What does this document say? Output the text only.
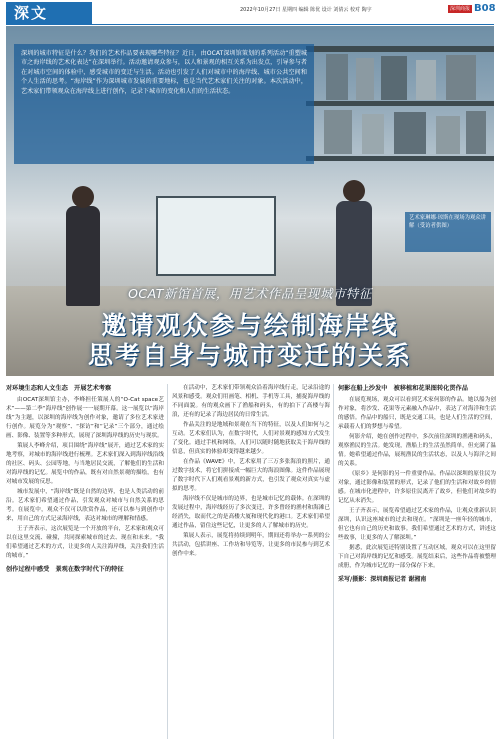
深文	2022年10月27日 星期四 编辑 陈优 设计 刘倩云 校对 陶宇	深圳商报 B08
深圳的城市特征是什么？我们的艺术作品要表现哪些特征？近日，由OCAT深圳馆策划的系列活动“重塑城市之海岸线的艺术化表达”在深圳举行。活动邀请观众参与，以人和景观的相互关系为出发点，引导参与者在对城市空间的体验中，感受城市的变迁与生活。活动也引发了人们对城市中的海岸线、城市公共空间和个人生活的思考。“海岸线”作为深圳城市发展的重要地标，也是当代艺术家们关注的对象。本次活动中，艺术家们带领观众在海岸线上进行创作，记录下城市的变化和人们的生活状态。
艺术家琳娜·琼斯在现场为观众讲解（受访者供图）
OCAT新馆首展，用艺术作品呈现城市特征
邀请观众参与绘制海岸线
思考自身与城市变迁的关系
对环境生态和人文生态　开展艺术考察

由OCAT深圳馆主办，李峰担任策展人的“O-Cat space艺术”——第二季“海岸线”创作展一一展期开幕。这一展览以“海岸线”为主题，以深圳的海岸线为创作对象，邀请了多位艺术家进行创作。展览分为“观察”、“探访”和“记录”三个部分，通过绘画、影像、装置等多种形式，展现了深圳海岸线的历史与现状。

策展人李峰介绍，项目围绕“海岸线”展开，通过艺术家的实地考察，对城市的海岸线进行梳理。艺术家们深入到海岸线沿线的社区、码头、公园等地，与当地居民交流，了解他们的生活和对海岸线的记忆。展览中的作品，既有对自然景观的描绘，也有对城市发展的反思。

城市发展中，“海岸线”既是自然的边界，也是人类活动的前沿。艺术家们希望通过作品，引发观众对城市与自然关系的思考。在展览中，观众不仅可以欣赏作品，还可以参与到创作中来，用自己的方式记录海岸线，表达对城市的理解和情感。

王子齐表示，这次展览是一个开放的平台，艺术家和观众可以在这里交流、碰撞，共同探索城市的过去、现在和未来。“我们希望通过艺术的方式，让更多的人关注海岸线，关注我们生活的城市。”

创作过程中感受　景观在数字时代下的特征

在活动中，艺术家们带领观众沿着海岸线行走，记录沿途的风景和感受。观众们用画笔、相机、手机等工具，捕捉海岸线的不同面貌。有的观众画下了渔船和码头，有的拍下了高楼与海浪，还有的记录了海边居民的日常生活。

作品关注的是地域和景观在当下的特征，以及人们如何与之互动。艺术家们认为，在数字时代，人们对景观的感知方式发生了变化。通过手机和网络，人们可以随时随地获取关于海岸线的信息，但真实的体验却变得越来越少。

在作品《WAVE》中，艺术家用了三万多张海浪的照片，通过数字技术，将它们拼接成一幅巨大的海浪图像。这件作品展现了数字时代下人们观看景观的新方式，也引发了观众对真实与虚拟的思考。

海岸线不仅是城市的边界，也是城市记忆的载体。在深圳的发展过程中，海岸线经历了多次变迁，许多曾经的渔村和海滩已经消失，取而代之的是高楼大厦和现代化的港口。艺术家们希望通过作品，留住这些记忆，让更多的人了解城市的历史。

策展人表示，展览将持续到明年，期间还将举办一系列的公共活动，包括讲座、工作坊和导览等，让更多的市民参与到艺术创作中来。

何影在船上沙发中　被移植和花果图转化贯作品

在展览现场，观众可以看到艺术家何影的作品。她以船为创作对象，将沙发、花果等元素融入作品中，表达了对海洋和生活的感悟。作品中的船只，既是交通工具，也是人们生活的空间，承载着人们的梦想与希望。

何影介绍，她在创作过程中，多次前往深圳的渔港和码头，观察渔民的生活。她发现，渔船上的生活虽然简单，但充满了温情。她希望通过作品，展现渔民的生活状态，以及人与海洋之间的关系。

《原乡》是何影的另一件重要作品。作品以深圳的原住民为对象，通过影像和装置的形式，记录了他们的生活和对故乡的情感。在城市化进程中，许多原住民离开了故乡，但他们对故乡的记忆从未消失。

王子齐表示，展览希望通过艺术家的作品，让观众重新认识深圳，认识这座城市的过去和现在。“深圳是一座年轻的城市，但它也有自己的历史和故事。我们希望通过艺术的方式，讲述这些故事，让更多的人了解深圳。”

据悉，此次展览还特别设置了互动区域，观众可以在这里留下自己对海岸线的记忆和感受。展览结束后，这些作品将被整理成册，作为城市记忆的一部分保存下来。

采写/摄影：深圳商报记者 谢湘南
